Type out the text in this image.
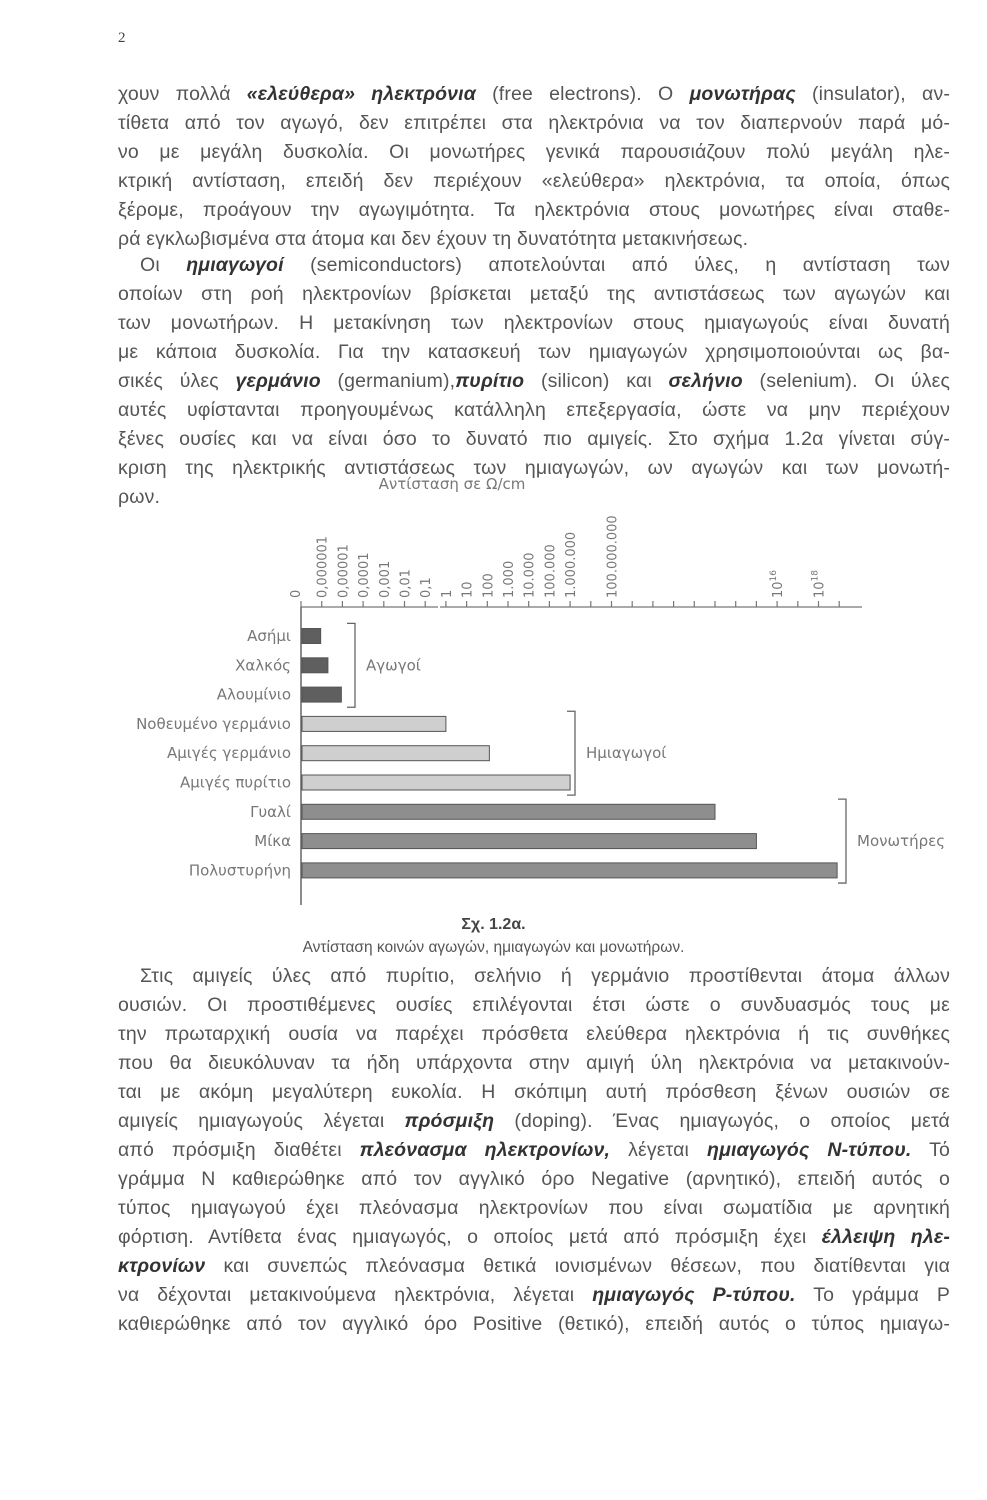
2
χουν πολλά «ελεύθερα» ηλεκτρόνια (free electrons). Ο μονωτήρας (insulator), αν-
τίθετα από τον αγωγό, δεν επιτρέπει στα ηλεκτρόνια να τον διαπερνούν παρά μό-
νο με μεγάλη δυσκολία. Οι μονωτήρες γενικά παρουσιάζουν πολύ μεγάλη ηλε-
κτρική αντίσταση, επειδή δεν περιέχουν «ελεύθερα» ηλεκτρόνια, τα οποία, όπως
ξέρομε, προάγουν την αγωγιμότητα. Τα ηλεκτρόνια στους μονωτήρες είναι σταθε-
ρά εγκλωβισμένα στα άτομα και δεν έχουν τη δυνατότητα μετακινήσεως.
Οι ημιαγωγοί (semiconductors) αποτελούνται από ύλες, η αντίσταση των
οποίων στη ροή ηλεκτρονίων βρίσκεται μεταξύ της αντιστάσεως των αγωγών και
των μονωτήρων. Η μετακίνηση των ηλεκτρονίων στους ημιαγωγούς είναι δυνατή
με κάποια δυσκολία. Για την κατασκευή των ημιαγωγών χρησιμοποιούνται ως βα-
σικές ύλες γερμάνιο (germanium),πυρίτιο (silicon) και σελήνιο (selenium). Οι ύλες
αυτές υφίστανται προηγουμένως κατάλληλη επεξεργασία, ώστε να μην περιέχουν
ξένες ουσίες και να είναι όσο το δυνατό πιο αμιγείς. Στο σχήμα 1.2α γίνεται σύγ-
κριση της ηλεκτρικής αντιστάσεως των ημιαγωγών, ων αγωγών και των μονωτή-
ρων.
Αντίσταση σε Ω/cm
0 0,000001 0,00001 0,0001 0,001 0,01 0,1 1 10 100 1.000 10.000 100.000 1.000.000 100.000.000	$10^{16}$
$10^{18}$
Ασήμι
Χαλκός
Αλουμίνιο
Νοθευμένο γερμάνιο
Αμιγές γερμάνιο
Αμιγές πυρίτιο
Γυαλί
Μίκα
Πολυστυρήνη
Αγωγοί
Ημιαγωγοί
Μονωτήρες
Σχ. 1.2α.
Αντίσταση κοινών αγωγών, ημιαγωγών και μονωτήρων.
Στις αμιγείς ύλες από πυρίτιο, σελήνιο ή γερμάνιο προστίθενται άτομα άλλων
ουσιών. Οι προστιθέμενες ουσίες επιλέγονται έτσι ώστε ο συνδυασμός τους με
την πρωταρχική ουσία να παρέχει πρόσθετα ελεύθερα ηλεκτρόνια ή τις συνθήκες
που θα διευκόλυναν τα ήδη υπάρχοντα στην αμιγή ύλη ηλεκτρόνια να μετακινούν-
ται με ακόμη μεγαλύτερη ευκολία. Η σκόπιμη αυτή πρόσθεση ξένων ουσιών σε
αμιγείς ημιαγωγούς λέγεται πρόσμιξη (doping). Ένας ημιαγωγός, ο οποίος μετά
από πρόσμιξη διαθέτει πλεόνασμα ηλεκτρονίων, λέγεται ημιαγωγός N-τύπου. Τό
γράμμα N καθιερώθηκε από τον αγγλικό όρο Negative (αρνητικό), επειδή αυτός ο
τύπος ημιαγωγού έχει πλεόνασμα ηλεκτρονίων που είναι σωματίδια με αρνητική
φόρτιση. Αντίθετα ένας ημιαγωγός, ο οποίος μετά από πρόσμιξη έχει έλλειψη ηλε-
κτρονίων και συνεπώς πλεόνασμα θετικά ιονισμένων θέσεων, που διατίθενται για
να δέχονται μετακινούμενα ηλεκτρόνια, λέγεται ημιαγωγός P-τύπου. Το γράμμα P
καθιερώθηκε από τον αγγλικό όρο Positive (θετικό), επειδή αυτός ο τύπος ημιαγω-
